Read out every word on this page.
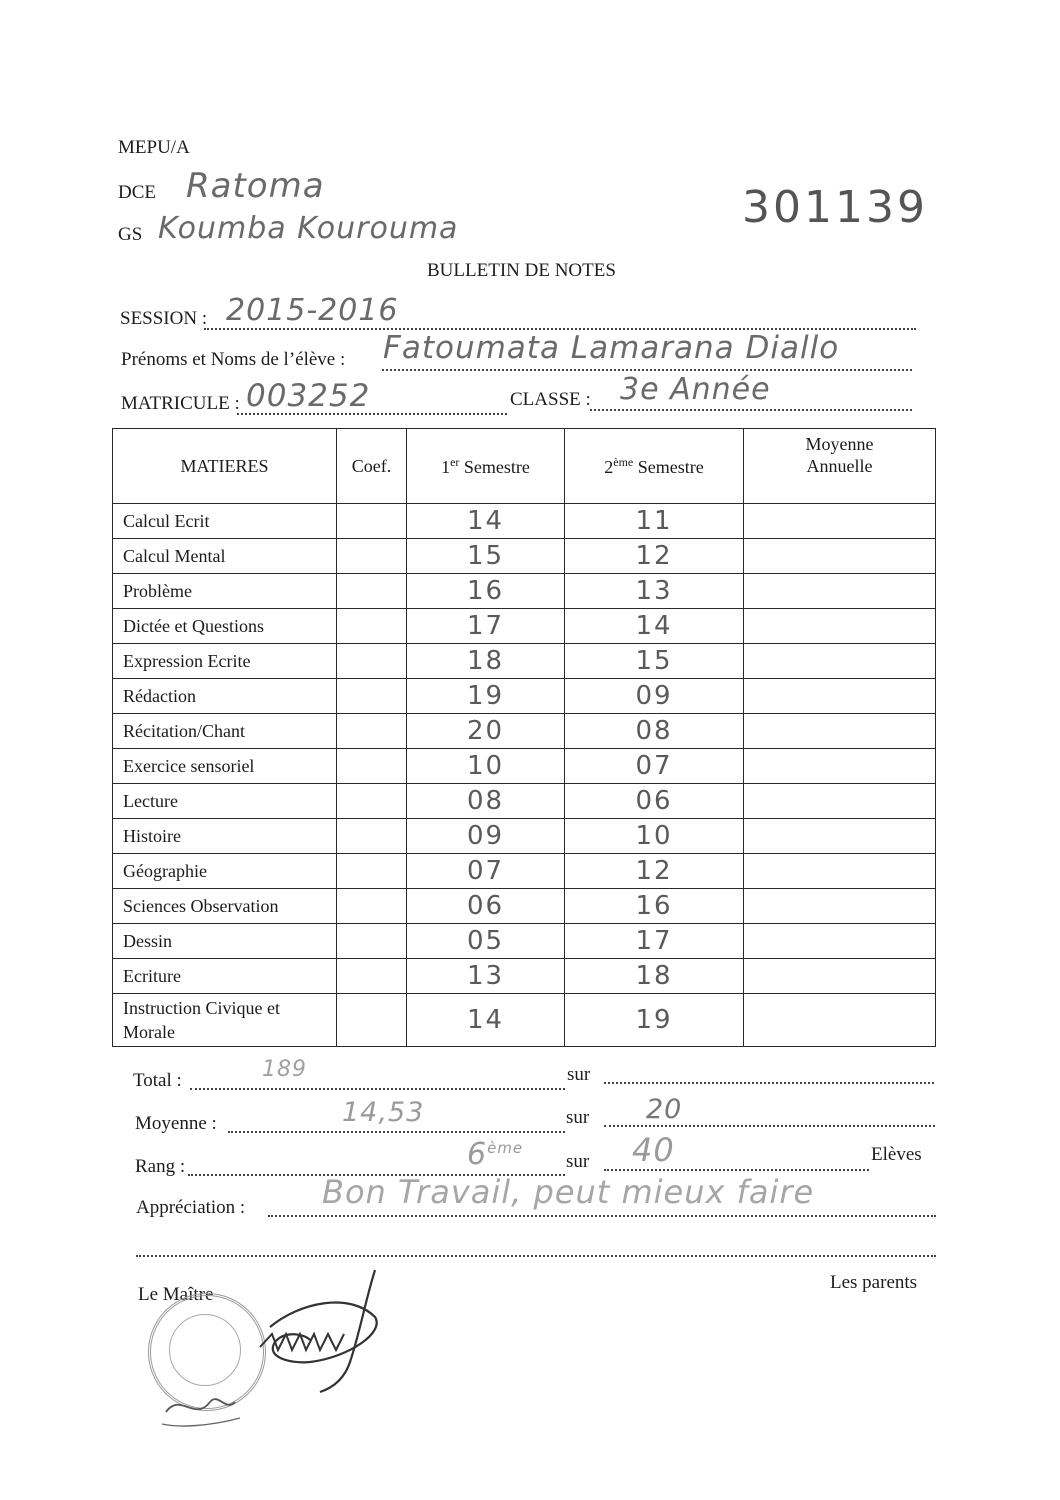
MEPU/A
DCE Ratoma
GS Koumba Kourouma	301139
BULLETIN DE NOTES
SESSION : 2015-2016
Prénoms et Noms de l’élève : Fatoumata Lamarana Diallo
MATRICULE : 003252	CLASSE : 3e Année
MATIERES	Coef.	1er Semestre	2ème Semestre	Moyenne
Annuelle
Calcul Ecrit		14	11	
Calcul Mental		15	12	
Problème		16	13	
Dictée et Questions		17	14	
Expression Ecrite		18	15	
Rédaction		19	09	
Récitation/Chant		20	08	
Exercice sensoriel		10	07	
Lecture		08	06	
Histoire		09	10	
Géographie		07	12	
Sciences Observation		06	16	
Dessin		05	17	
Ecriture		13	18	
Instruction Civique et Morale		14	19	
Total :	189	sur
Moyenne :	14,53	sur 20
Rang :	6ème
sur 40	Elèves
Appréciation : Bon Travail, peut mieux faire
Le Maître
Les parents
